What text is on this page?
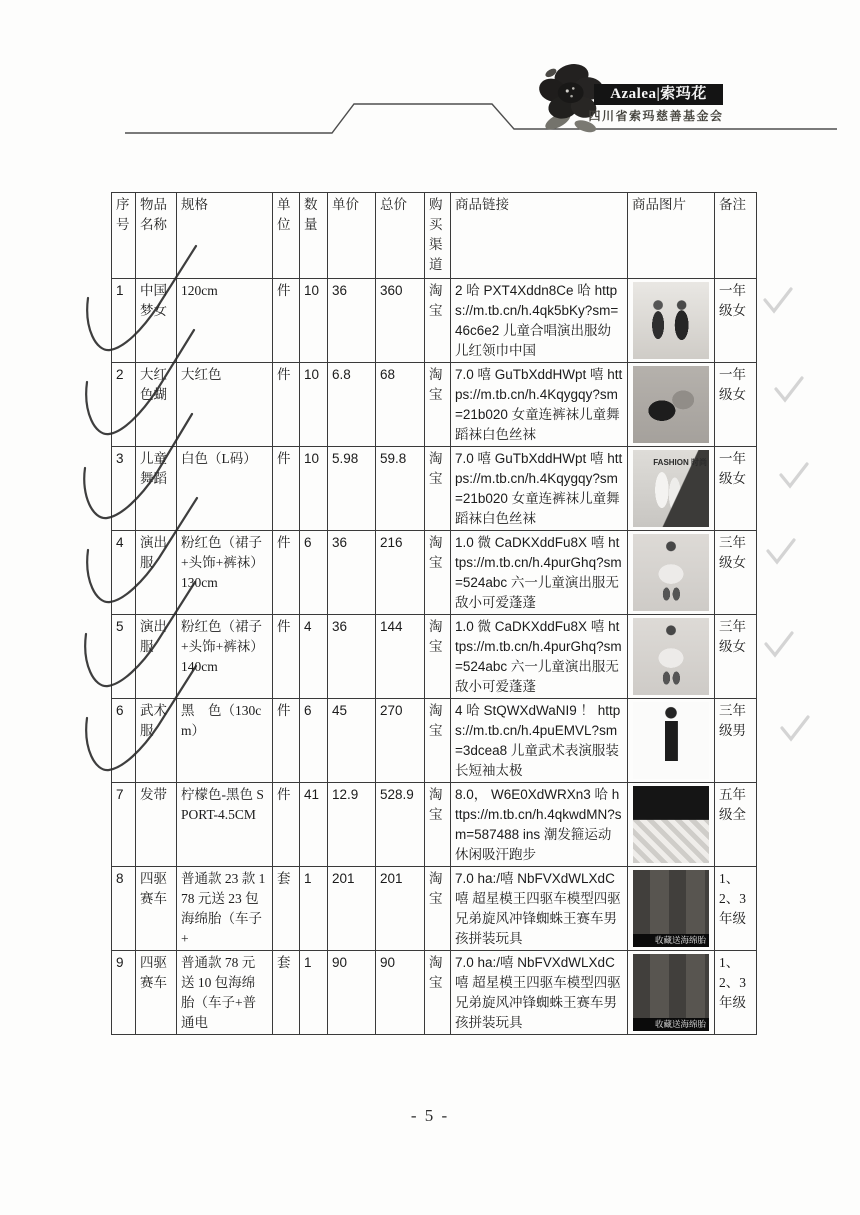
Azalea|索玛花
四川省索玛慈善基金会
序号	物品名称	规格	单位	数量	单价	总价	购买渠道	商品链接	商品图片	备注

1	中国梦女	120cm	件	10	36	360	淘宝	2 哈 PXT4Xddn8Ce 哈 https://m.tb.cn/h.4qk5bKy?sm=46c6e2 儿童合唱演出服幼儿红领巾中国		一年级女

2	大红色蝴	大红色	件	10	6.8	68	淘宝	7.0 嘻 GuTbXddHWpt 嘻 https://m.tb.cn/h.4Kqygqy?sm=21b020 女童连裤袜儿童舞蹈袜白色丝袜		一年级女

3	儿童舞蹈	白色（L码）	件	10	5.98	59.8	淘宝	7.0 嘻 GuTbXddHWpt 嘻 https://m.tb.cn/h.4Kqygqy?sm=21b020 女童连裤袜儿童舞蹈袜白色丝袜	FASHION 时尚	一年级女

4	演出服	粉红色（裙子+头饰+裤袜）130cm	件	6	36	216	淘宝	1.0 微 CaDKXddFu8X 嘻 https://m.tb.cn/h.4purGhq?sm=524abc 六一儿童演出服无敌小可爱蓬蓬		三年级女

5	演出服	粉红色（裙子+头饰+裤袜）140cm	件	4	36	144	淘宝	1.0 微 CaDKXddFu8X 嘻 https://m.tb.cn/h.4purGhq?sm=524abc 六一儿童演出服无敌小可爱蓬蓬		三年级女

6	武术服	黑    色（130cm）	件	6	45	270	淘宝	4 哈 StQWXdWaNI9 ！ https://m.tb.cn/h.4puEMVL?sm=3dcea8 儿童武术表演服装长短袖太极		三年级男

7	发带	柠檬色-黑色 SPORT-4.5CM	件	41	12.9	528.9	淘宝	8.0， W6E0XdWRXn3 哈 https://m.tb.cn/h.4qkwdMN?sm=587488 ins 潮发箍运动休闲吸汗跑步		五年级全

8	四驱赛车	普通款 23 款 178 元送 23 包海绵胎（车子+	套	1	201	201	淘宝	7.0 ha:/嘻 NbFVXdWLXdC 嘻 超星模王四驱车模型四驱兄弟旋风冲锋蜘蛛王赛车男孩拼装玩具	收藏送海绵胎	1、2、3年级

9	四驱赛车	普通款 78 元送 10 包海绵胎（车子+普通电	套	1	90	90	淘宝	7.0 ha:/嘻 NbFVXdWLXdC 嘻 超星模王四驱车模型四驱兄弟旋风冲锋蜘蛛王赛车男孩拼装玩具	收藏送海绵胎	1、2、3年级
- 5 -
